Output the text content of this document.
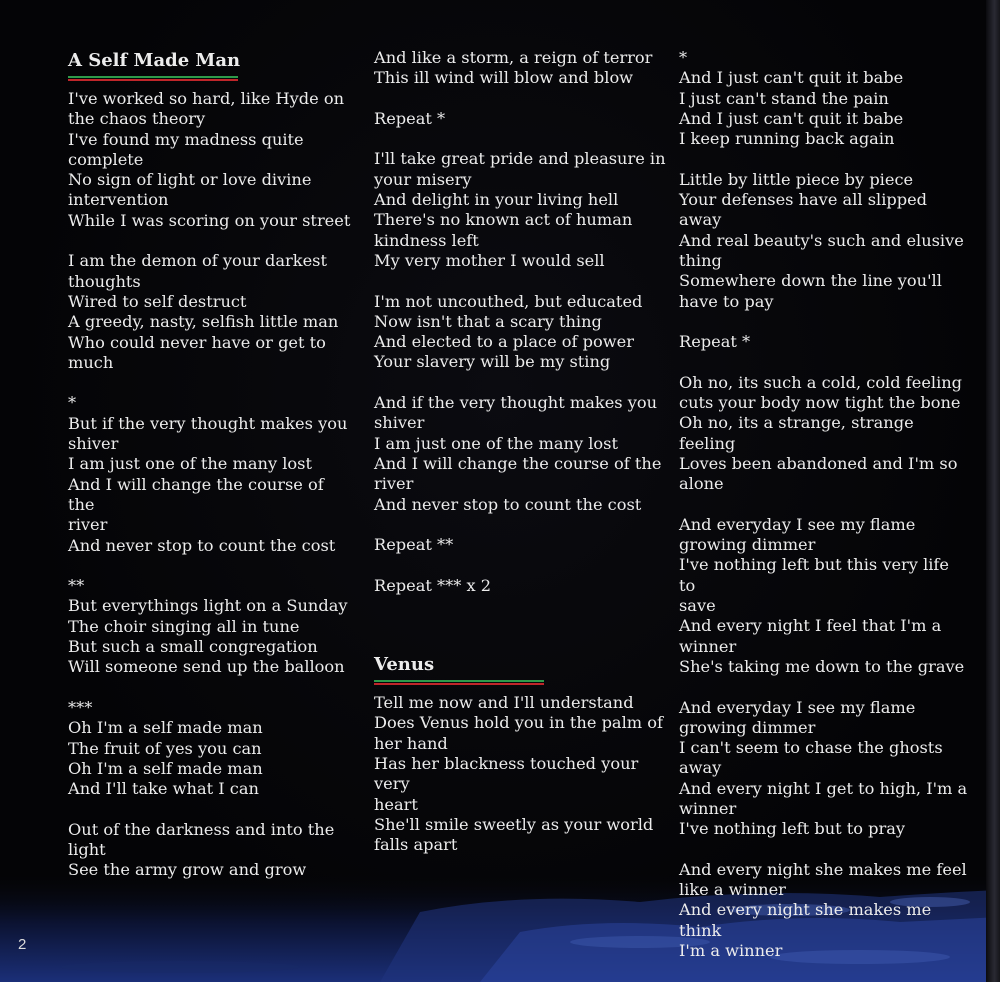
A Self Made Man
I've worked so hard, like Hyde on
the chaos theory
I've found my madness quite
complete
No sign of light or love divine
intervention
While I was scoring on your street
I am the demon of your darkest
thoughts
Wired to self destruct
A greedy, nasty, selfish little man
Who could never have or get to
much
*
But if the very thought makes you
shiver
I am just one of the many lost
And I will change the course of the
river
And never stop to count the cost
**
But everythings light on a Sunday
The choir singing all in tune
But such a small congregation
Will someone send up the balloon
***
Oh I'm a self made man
The fruit of yes you can
Oh I'm a self made man
And I'll take what I can
Out of the darkness and into the
light
See the army grow and grow
And like a storm, a reign of terror
This ill wind will blow and blow
Repeat *
I'll take great pride and pleasure in
your misery
And delight in your living hell
There's no known act of human
kindness left
My very mother I would sell
I'm not uncouthed, but educated
Now isn't that a scary thing
And elected to a place of power
Your slavery will be my sting
And if the very thought makes you
shiver
I am just one of the many lost
And I will change the course of the
river
And never stop to count the cost
Repeat **
Repeat *** x 2
Venus
Tell me now and I'll understand
Does Venus hold you in the palm of
her hand
Has her blackness touched your very
heart
She'll smile sweetly as your world
falls apart
*
And I just can't quit it babe
I just can't stand the pain
And I just can't quit it babe
I keep running back again
Little by little piece by piece
Your defenses have all slipped away
And real beauty's such and elusive
thing
Somewhere down the line you'll
have to pay
Repeat *
Oh no, its such a cold, cold feeling
cuts your body now tight the bone
Oh no, its a strange, strange feeling
Loves been abandoned and I'm so
alone
And everyday I see my flame
growing dimmer
I've nothing left but this very life to
save
And every night I feel that I'm a
winner
She's taking me down to the grave
And everyday I see my flame
growing dimmer
I can't seem to chase the ghosts away
And every night I get to high, I'm a
winner
I've nothing left but to pray
And every night she makes me feel
like a winner
And every night she makes me think
I'm a winner
2
